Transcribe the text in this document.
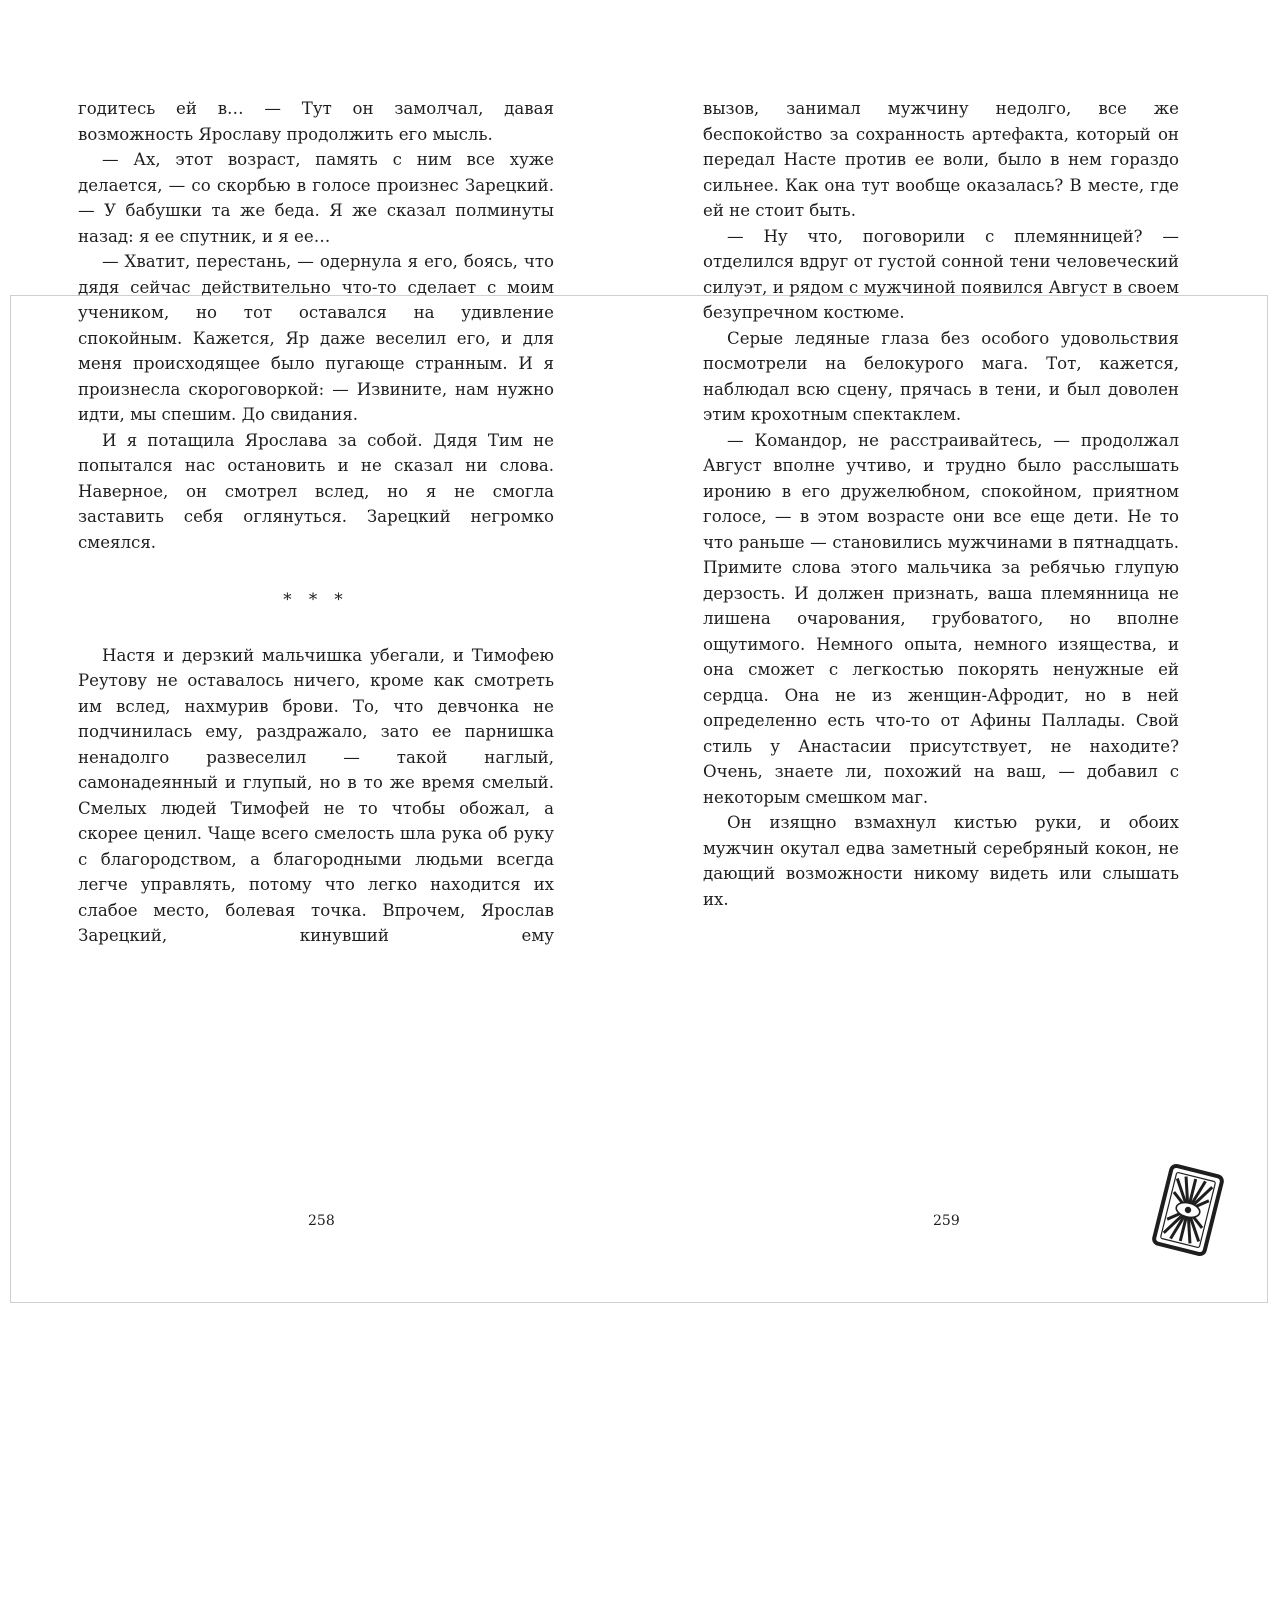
годитесь ей в… — Тут он замолчал, давая возможность Ярославу продолжить его мысль.

— Ах, этот возраст, память с ним все хуже делается, — со скорбью в голосе произнес Зарецкий. — У бабушки та же беда. Я же сказал полминуты назад: я ее спутник, и я ее…

— Хватит, перестань, — одернула я его, боясь, что дядя сейчас действительно что-то сделает с моим учеником, но тот оставался на удивление спокойным. Кажется, Яр даже веселил его, и для меня происходящее было пугающе странным. И я произнесла скороговоркой: — Извините, нам нужно идти, мы спешим. До свидания.

И я потащила Ярослава за собой. Дядя Тим не попытался нас остановить и не сказал ни слова. Наверное, он смотрел вслед, но я не смогла заставить себя оглянуться. Зарецкий негромко смеялся.

* * *

Настя и дерзкий мальчишка убегали, и Тимофею Реутову не оставалось ничего, кроме как смотреть им вслед, нахмурив брови. То, что девчонка не подчинилась ему, раздражало, зато ее парнишка ненадолго развеселил — такой наглый, самонадеянный и глупый, но в то же время смелый. Смелых людей Тимофей не то чтобы обожал, а скорее ценил. Чаще всего смелость шла рука об руку с благородством, а благородными людьми всегда легче управлять, потому что легко находится их слабое место, болевая точка. Впрочем, Ярослав Зарецкий, кинувший ему

вызов, занимал мужчину недолго, все же беспокойство за сохранность артефакта, который он передал Насте против ее воли, было в нем гораздо сильнее. Как она тут вообще оказалась? В месте, где ей не стоит быть.

— Ну что, поговорили с племянницей? — отделился вдруг от густой сонной тени человеческий силуэт, и рядом с мужчиной появился Август в своем безупречном костюме.

Серые ледяные глаза без особого удовольствия посмотрели на белокурого мага. Тот, кажется, наблюдал всю сцену, прячась в тени, и был доволен этим крохотным спектаклем.

— Командор, не расстраивайтесь, — продолжал Август вполне учтиво, и трудно было расслышать иронию в его дружелюбном, спокойном, приятном голосе, — в этом возрасте они все еще дети. Не то что раньше — становились мужчинами в пятнадцать. Примите слова этого мальчика за ребячью глупую дерзость. И должен признать, ваша племянница не лишена очарования, грубоватого, но вполне ощутимого. Немного опыта, немного изящества, и она сможет с легкостью покорять ненужные ей сердца. Она не из женщин-Афродит, но в ней определенно есть что-то от Афины Паллады. Свой стиль у Анастасии присутствует, не находите? Очень, знаете ли, похожий на ваш, — добавил с некоторым смешком маг.

Он изящно взмахнул кистью руки, и обоих мужчин окутал едва заметный серебряный кокон, не дающий возможности никому видеть или слышать их.

258	259
